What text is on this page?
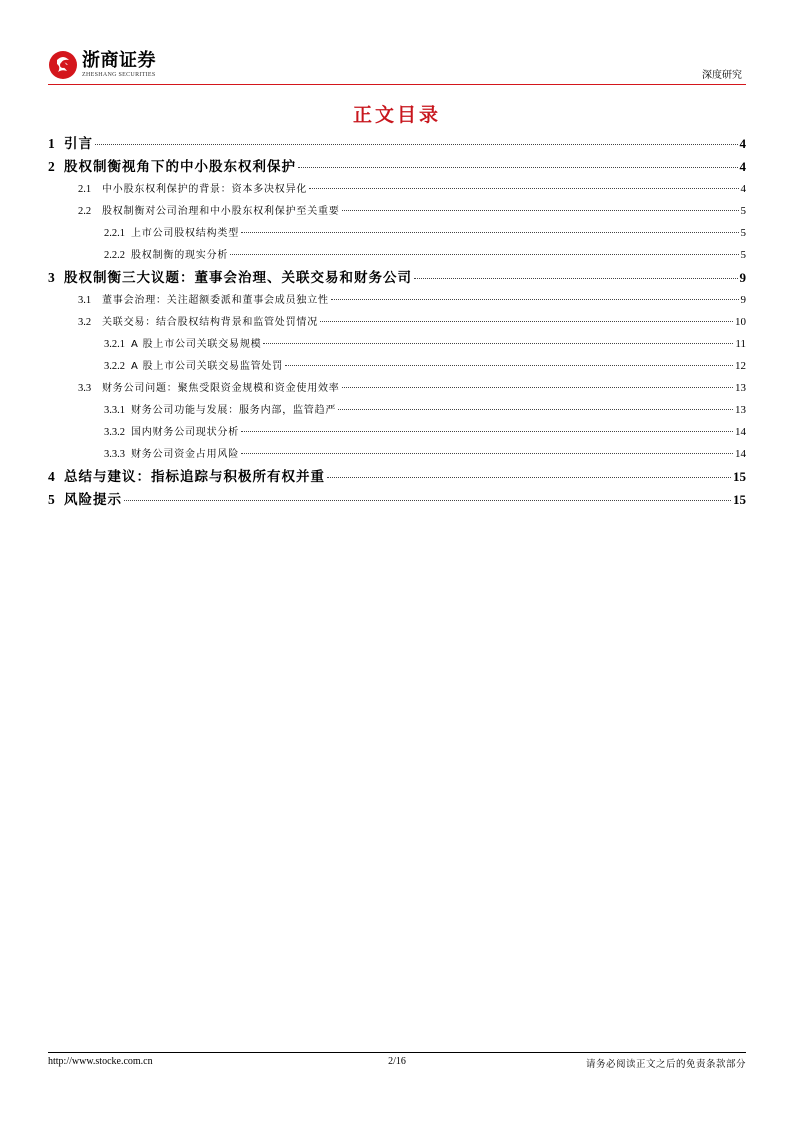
浙商证券
ZHESHANG SECURITIES	深度研究
正文目录
1 引言	4
2 股权制衡视角下的中小股东权利保护	4
2.1	中小股东权利保护的背景：资本多决权异化	4
2.2	股权制衡对公司治理和中小股东权利保护至关重要	5
2.2.1 上市公司股权结构类型	5
2.2.2 股权制衡的现实分析	5
3 股权制衡三大议题：董事会治理、关联交易和财务公司	9
3.1	董事会治理：关注超额委派和董事会成员独立性	9
3.2	关联交易：结合股权结构背景和监管处罚情况	10
3.2.1 A 股上市公司关联交易规模	11
3.2.2 A 股上市公司关联交易监管处罚	12
3.3	财务公司问题：聚焦受限资金规模和资金使用效率	13
3.3.1 财务公司功能与发展：服务内部，监管趋严	13
3.3.2 国内财务公司现状分析	14
3.3.3 财务公司资金占用风险	14
4 总结与建议：指标追踪与积极所有权并重	15
5 风险提示	15
http://www.stocke.com.cn	2/16	请务必阅读正文之后的免责条款部分
